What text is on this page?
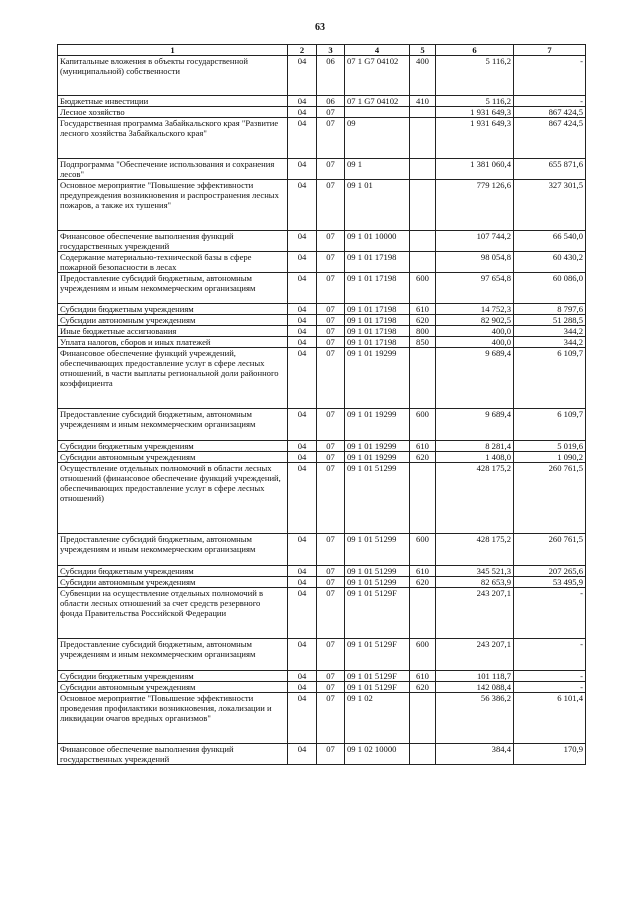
63
1	2	3	4	5	6	7
Капитальные вложения в объекты государственной (муниципальной) собственности	04	06	07 1 G7 04102	400	5 116,2	-
Бюджетные инвестиции	04	06	07 1 G7 04102	410	5 116,2	-
Лесное хозяйство	04	07			1 931 649,3	867 424,5
Государственная программа Забайкальского края "Развитие лесного хозяйства Забайкальского края"	04	07	09		1 931 649,3	867 424,5
Подпрограмма "Обеспечение использования и сохранения лесов"	04	07	09 1		1 381 060,4	655 871,6
Основное мероприятие "Повышение эффективности предупреждения возникновения и распространения лесных пожаров, а также их тушения"	04	07	09 1 01		779 126,6	327 301,5
Финансовое обеспечение выполнения функций государственных учреждений	04	07	09 1 01 10000		107 744,2	66 540,0
Содержание материально-технической базы в сфере пожарной безопасности в лесах	04	07	09 1 01 17198		98 054,8	60 430,2
Предоставление субсидий бюджетным, автономным учреждениям и иным некоммерческим организациям	04	07	09 1 01 17198	600	97 654,8	60 086,0
Субсидии бюджетным учреждениям	04	07	09 1 01 17198	610	14 752,3	8 797,6
Субсидии автономным учреждениям	04	07	09 1 01 17198	620	82 902,5	51 288,5
Иные бюджетные ассигнования	04	07	09 1 01 17198	800	400,0	344,2
Уплата налогов, сборов и иных платежей	04	07	09 1 01 17198	850	400,0	344,2
Финансовое обеспечение функций учреждений, обеспечивающих предоставление услуг в сфере лесных отношений, в части выплаты региональной доли районного коэффициента	04	07	09 1 01 19299		9 689,4	6 109,7
Предоставление субсидий бюджетным, автономным учреждениям и иным некоммерческим организациям	04	07	09 1 01 19299	600	9 689,4	6 109,7
Субсидии бюджетным учреждениям	04	07	09 1 01 19299	610	8 281,4	5 019,6
Субсидии автономным учреждениям	04	07	09 1 01 19299	620	1 408,0	1 090,2
Осуществление отдельных полномочий в области лесных отношений (финансовое обеспечение функций учреждений, обеспечивающих предоставление услуг в сфере лесных отношений)	04	07	09 1 01 51299		428 175,2	260 761,5
Предоставление субсидий бюджетным, автономным учреждениям и иным некоммерческим организациям	04	07	09 1 01 51299	600	428 175,2	260 761,5
Субсидии бюджетным учреждениям	04	07	09 1 01 51299	610	345 521,3	207 265,6
Субсидии автономным учреждениям	04	07	09 1 01 51299	620	82 653,9	53 495,9
Субвенции на осуществление отдельных полномочий в области лесных отношений за счет средств резервного фонда Правительства Российской Федерации	04	07	09 1 01 5129F		243 207,1	-
Предоставление субсидий бюджетным, автономным учреждениям и иным некоммерческим организациям	04	07	09 1 01 5129F	600	243 207,1	-
Субсидии бюджетным учреждениям	04	07	09 1 01 5129F	610	101 118,7	-
Субсидии автономным учреждениям	04	07	09 1 01 5129F	620	142 088,4	-
Основное мероприятие "Повышение эффективности проведения профилактики возникновения, локализации и ликвидации очагов вредных организмов"	04	07	09 1 02		56 386,2	6 101,4
Финансовое обеспечение выполнения функций государственных учреждений	04	07	09 1 02 10000		384,4	170,9
